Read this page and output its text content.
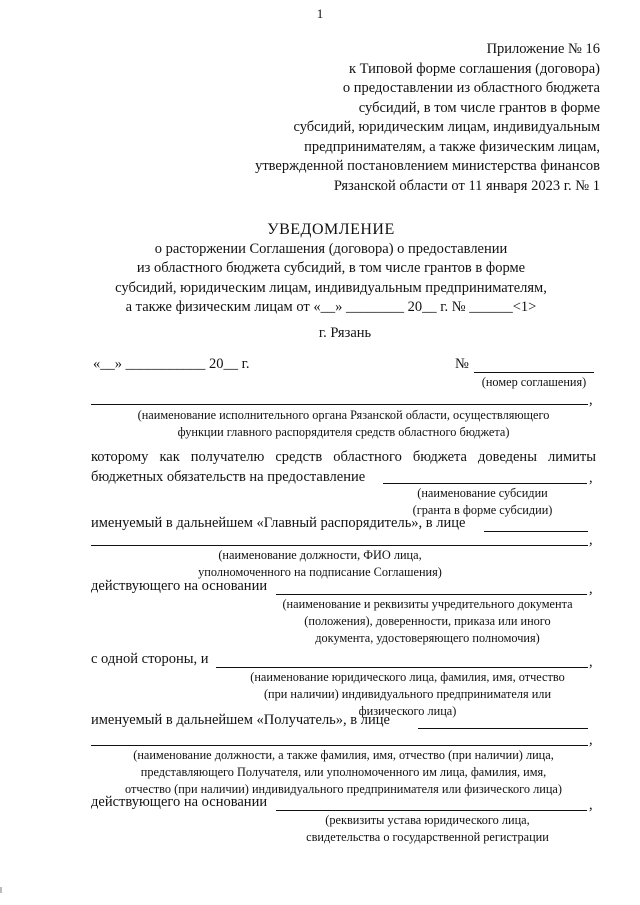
1
Приложение № 16
к Типовой форме соглашения (договора)
о предоставлении из областного бюджета
субсидий, в том числе грантов в форме
субсидий, юридическим лицам, индивидуальным
предпринимателям, а также физическим лицам,
утвержденной постановлением министерства финансов
Рязанской области от 11 января 2023 г. № 1
УВЕДОМЛЕНИЕ
о расторжении Соглашения (договора) о предоставлении
из областного бюджета субсидий, в том числе грантов в форме
субсидий, юридическим лицам, индивидуальным предпринимателям,
а также физическим лицам от «__» ________ 20__ г. № ______<1>
г. Рязань
«__» ___________ 20__ г.	№
(номер соглашения)
,
(наименование исполнительного органа Рязанской области, осуществляющего
функции главного распорядителя средств областного бюджета)
которому как получателю средств областного бюджета доведены лимиты бюджетных обязательств на предоставление	,
(наименование субсидии
(гранта в форме субсидии)
именуемый в дальнейшем «Главный распорядитель», в лице
,
(наименование должности, ФИО лица,
уполномоченного на подписание Соглашения)
действующего на основании	,
(наименование и реквизиты учредительного документа
(положения), доверенности, приказа или иного
документа, удостоверяющего полномочия)
с одной стороны, и	,
(наименование юридического лица, фамилия, имя, отчество
(при наличии) индивидуального предпринимателя или
физического лица)
именуемый в дальнейшем «Получатель», в лице
,
(наименование должности, а также фамилия, имя, отчество (при наличии) лица,
представляющего Получателя, или уполномоченного им лица, фамилия, имя,
отчество (при наличии) индивидуального предпринимателя или физического лица)
действующего на основании	,
(реквизиты устава юридического лица,
свидетельства о государственной регистрации
